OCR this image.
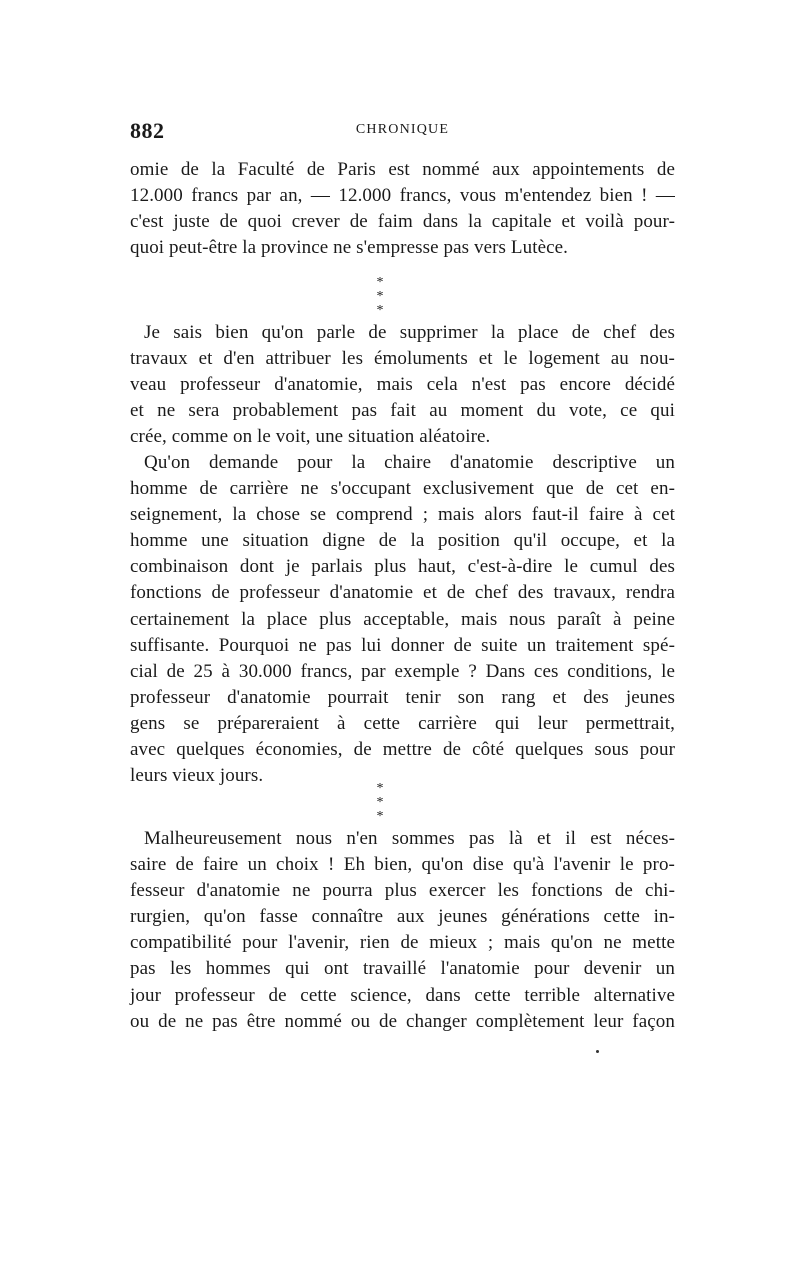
882	CHRONIQUE

omie de la Faculté de Paris est nommé aux appointements de
12.000 francs par an, — 12.000 francs, vous m'entendez bien ! —
c'est juste de quoi crever de faim dans la capitale et voilà pour-
quoi peut-être la province ne s'empresse pas vers Lutèce.

*
* *

Je sais bien qu'on parle de supprimer la place de chef des
travaux et d'en attribuer les émoluments et le logement au nou-
veau professeur d'anatomie, mais cela n'est pas encore décidé
et ne sera probablement pas fait au moment du vote, ce qui
crée, comme on le voit, une situation aléatoire.

Qu'on demande pour la chaire d'anatomie descriptive un
homme de carrière ne s'occupant exclusivement que de cet en-
seignement, la chose se comprend ; mais alors faut-il faire à cet
homme une situation digne de la position qu'il occupe, et la
combinaison dont je parlais plus haut, c'est-à-dire le cumul des
fonctions de professeur d'anatomie et de chef des travaux, rendra
certainement la place plus acceptable, mais nous paraît à peine
suffisante. Pourquoi ne pas lui donner de suite un traitement spé-
cial de 25 à 30.000 francs, par exemple ? Dans ces conditions, le
professeur d'anatomie pourrait tenir son rang et des jeunes
gens se prépareraient à cette carrière qui leur permettrait,
avec quelques économies, de mettre de côté quelques sous pour
leurs vieux jours.

*
* *

Malheureusement nous n'en sommes pas là et il est néces-
saire de faire un choix ! Eh bien, qu'on dise qu'à l'avenir le pro-
fesseur d'anatomie ne pourra plus exercer les fonctions de chi-
rurgien, qu'on fasse connaître aux jeunes générations cette in-
compatibilité pour l'avenir, rien de mieux ; mais qu'on ne mette
pas les hommes qui ont travaillé l'anatomie pour devenir un
jour professeur de cette science, dans cette terrible alternative
ou de ne pas être nommé ou de changer complètement leur façon
